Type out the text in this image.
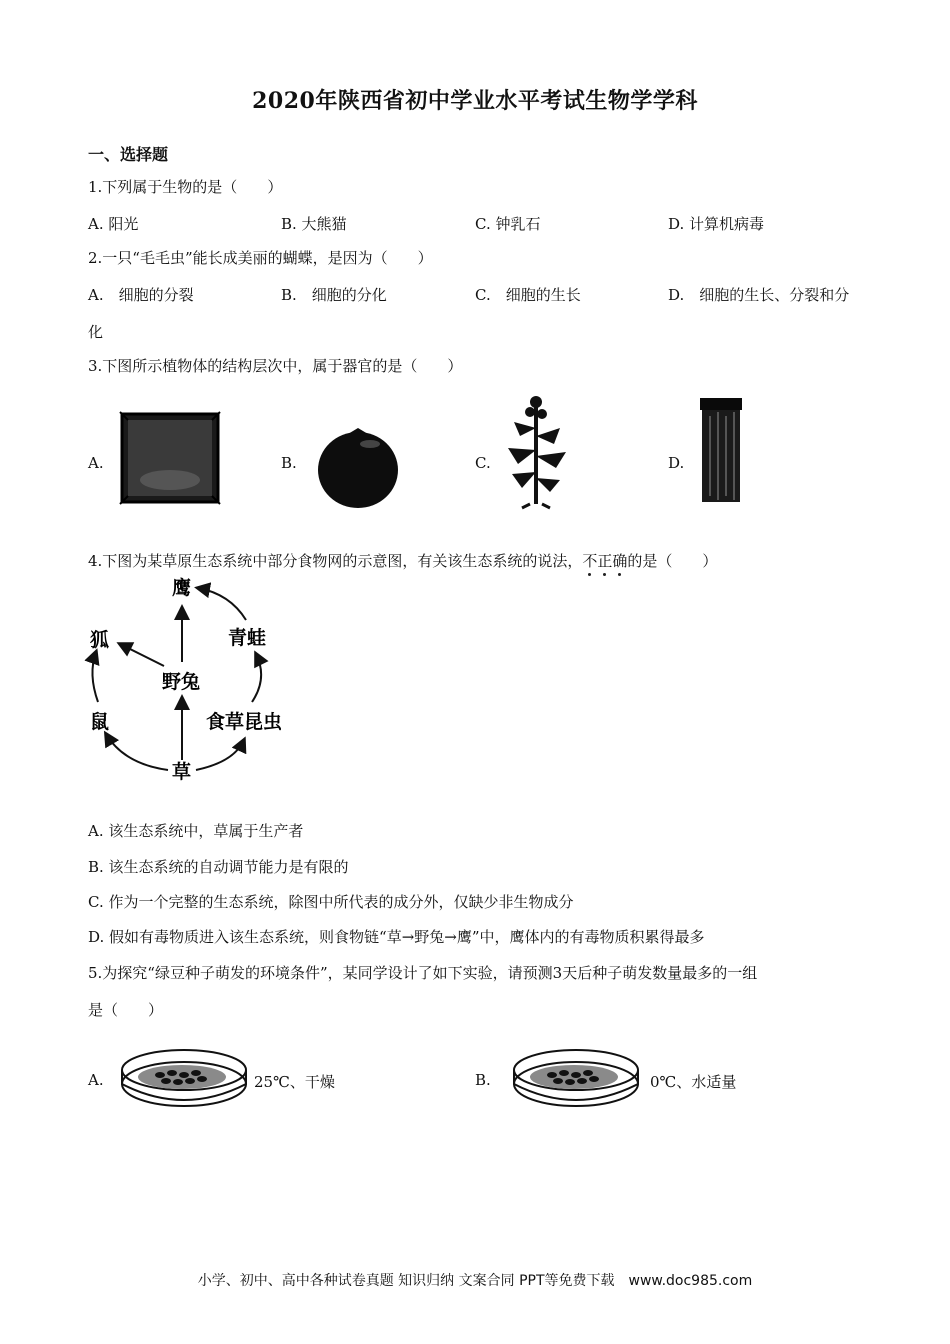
2020年陕西省初中学业水平考试生物学学科
一、选择题
1.下列属于生物的是（　　）
A. 阳光	B. 大熊猫	C. 钟乳石	D. 计算机病毒
2.一只“毛毛虫”能长成美丽的蝴蝶，是因为（　　）
A.　细胞的分裂	B.　细胞的分化	C.　细胞的生长	D.　细胞的生长、分裂和分
化
3.下图所示植物体的结构层次中，属于器官的是（　　）
A.	B.	C.	D.
4.下图为某草原生态系统中部分食物网的示意图，有关该生态系统的说法，不正确的是（　　）
鹰
狐	青蛙
野兔
鼠	食草昆虫
草
A. 该生态系统中，草属于生产者
B. 该生态系统的自动调节能力是有限的
C. 作为一个完整的生态系统，除图中所代表的成分外，仅缺少非生物成分
D. 假如有毒物质进入该生态系统，则食物链“草→野兔→鹰”中，鹰体内的有毒物质积累得最多
5.为探究“绿豆种子萌发的环境条件”，某同学设计了如下实验，请预测3天后种子萌发数量最多的一组
是（　　）
A.	25℃、干燥	B.	0℃、水适量
小学、初中、高中各种试卷真题 知识归纳 文案合同 PPT等免费下载　www.doc985.com
